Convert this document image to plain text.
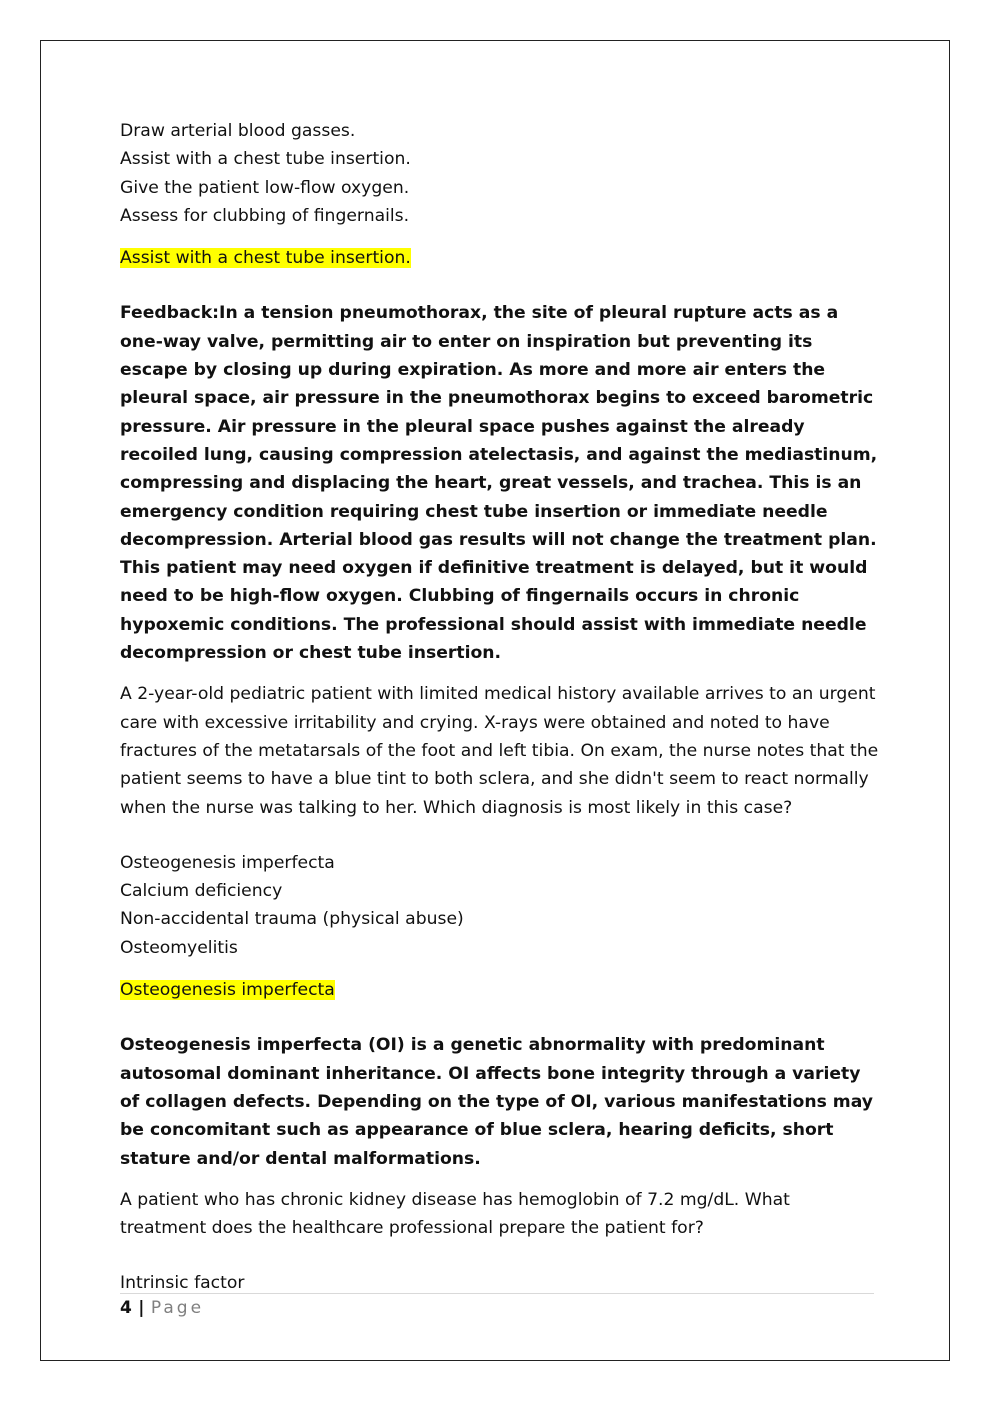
Draw arterial blood gasses.
Assist with a chest tube insertion.
Give the patient low-flow oxygen.
Assess for clubbing of fingernails.

Assist with a chest tube insertion.

Feedback:In a tension pneumothorax, the site of pleural rupture acts as a one-way valve, permitting air to enter on inspiration but preventing its escape by closing up during expiration. As more and more air enters the pleural space, air pressure in the pneumothorax begins to exceed barometric pressure. Air pressure in the pleural space pushes against the already recoiled lung, causing compression atelectasis, and against the mediastinum, compressing and displacing the heart, great vessels, and trachea. This is an emergency condition requiring chest tube insertion or immediate needle decompression. Arterial blood gas results will not change the treatment plan. This patient may need oxygen if definitive treatment is delayed, but it would need to be high-flow oxygen. Clubbing of fingernails occurs in chronic hypoxemic conditions. The professional should assist with immediate needle decompression or chest tube insertion.

A 2-year-old pediatric patient with limited medical history available arrives to an urgent care with excessive irritability and crying. X-rays were obtained and noted to have fractures of the metatarsals of the foot and left tibia. On exam, the nurse notes that the patient seems to have a blue tint to both sclera, and she didn't seem to react normally when the nurse was talking to her. Which diagnosis is most likely in this case?

Osteogenesis imperfecta
Calcium deficiency
Non-accidental trauma (physical abuse)
Osteomyelitis

Osteogenesis imperfecta

Osteogenesis imperfecta (OI) is a genetic abnormality with predominant autosomal dominant inheritance. OI affects bone integrity through a variety of collagen defects. Depending on the type of OI, various manifestations may be concomitant such as appearance of blue sclera, hearing deficits, short stature and/or dental malformations.

A patient who has chronic kidney disease has hemoglobin of 7.2 mg/dL. What treatment does the healthcare professional prepare the patient for?

Intrinsic factor
4 | Page
